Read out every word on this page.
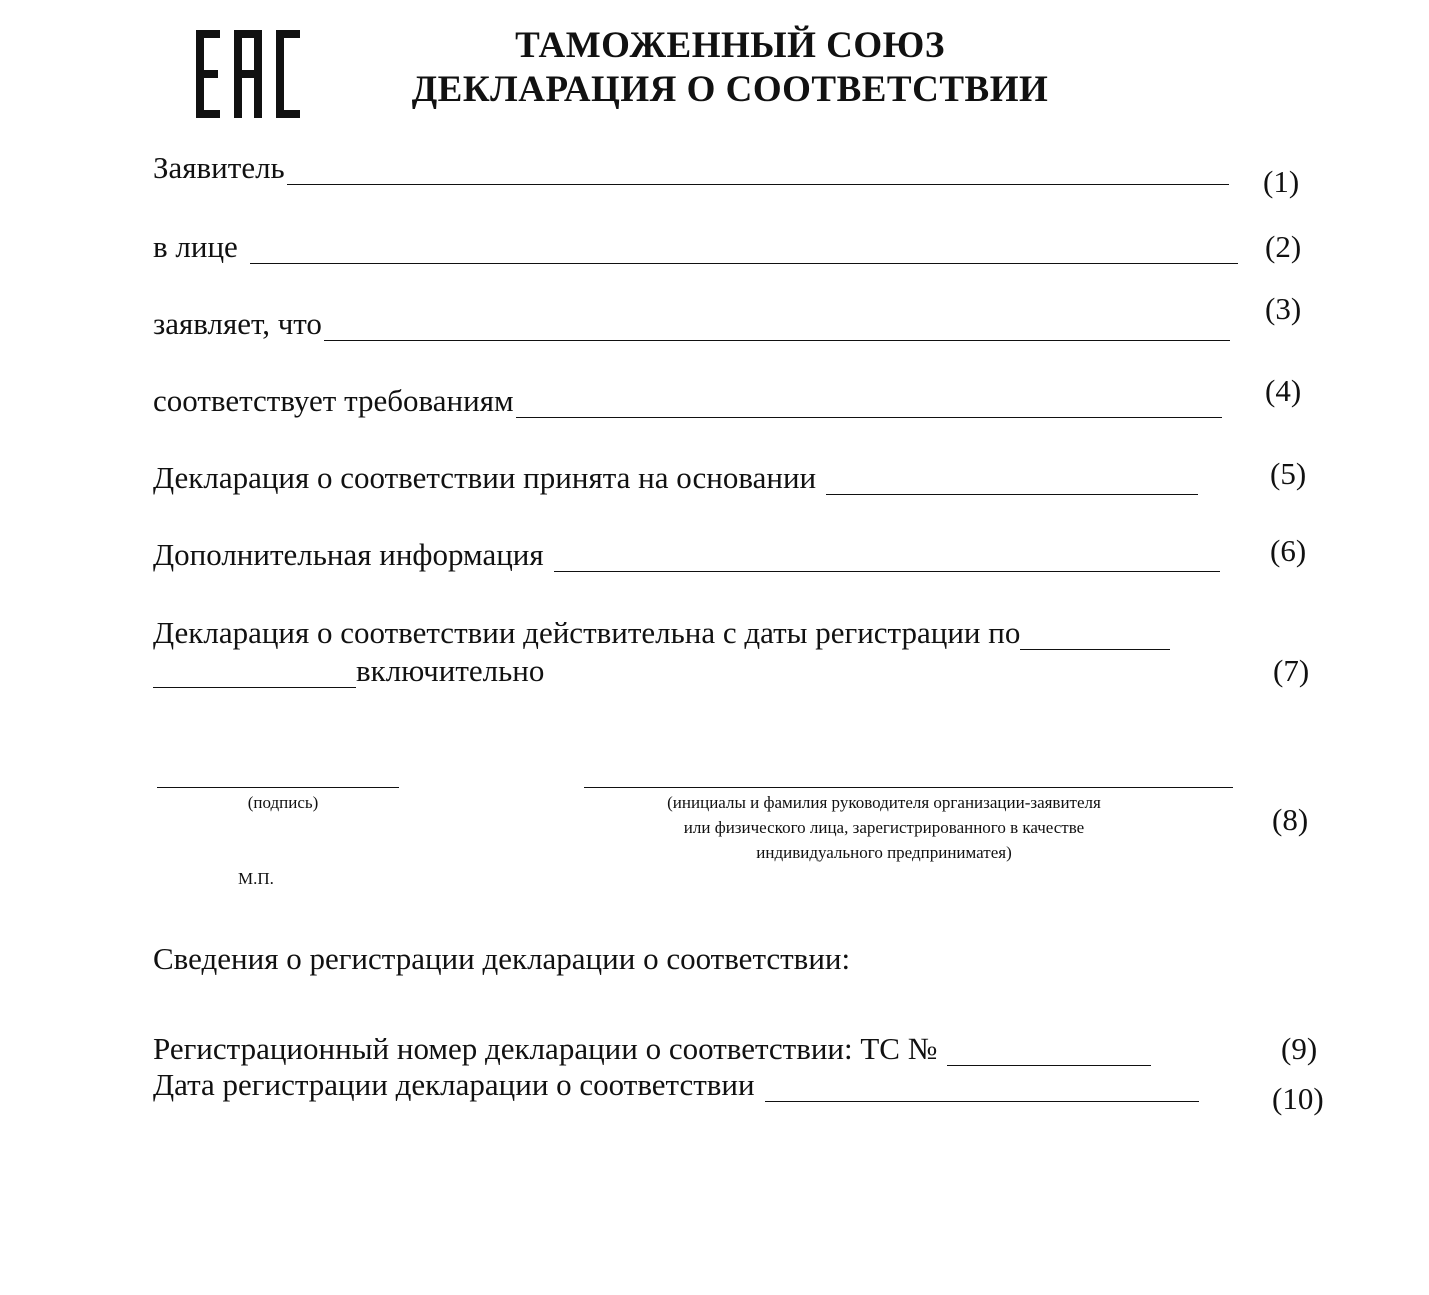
ТАМОЖЕННЫЙ СОЮЗ
ДЕКЛАРАЦИЯ О СООТВЕТСТВИИ
Заявитель	(1)
в лице	(2)
заявляет, что	(3)
соответствует требованиям	(4)
Декларация о соответствии принята на основании	(5)
Дополнительная информация	(6)
Декларация о соответствии действительна с даты регистрации по
включительно	(7)
(подпись)	(инициалы и фамилия руководителя организации-заявителя
или физического лица, зарегистрированного в качестве
индивидуального предприниматея)
(8)
М.П.
Сведения о регистрации декларации о соответствии:
Регистрационный номер декларации о соответствии: ТС №	(9)
Дата регистрации декларации о соответствии	(10)
